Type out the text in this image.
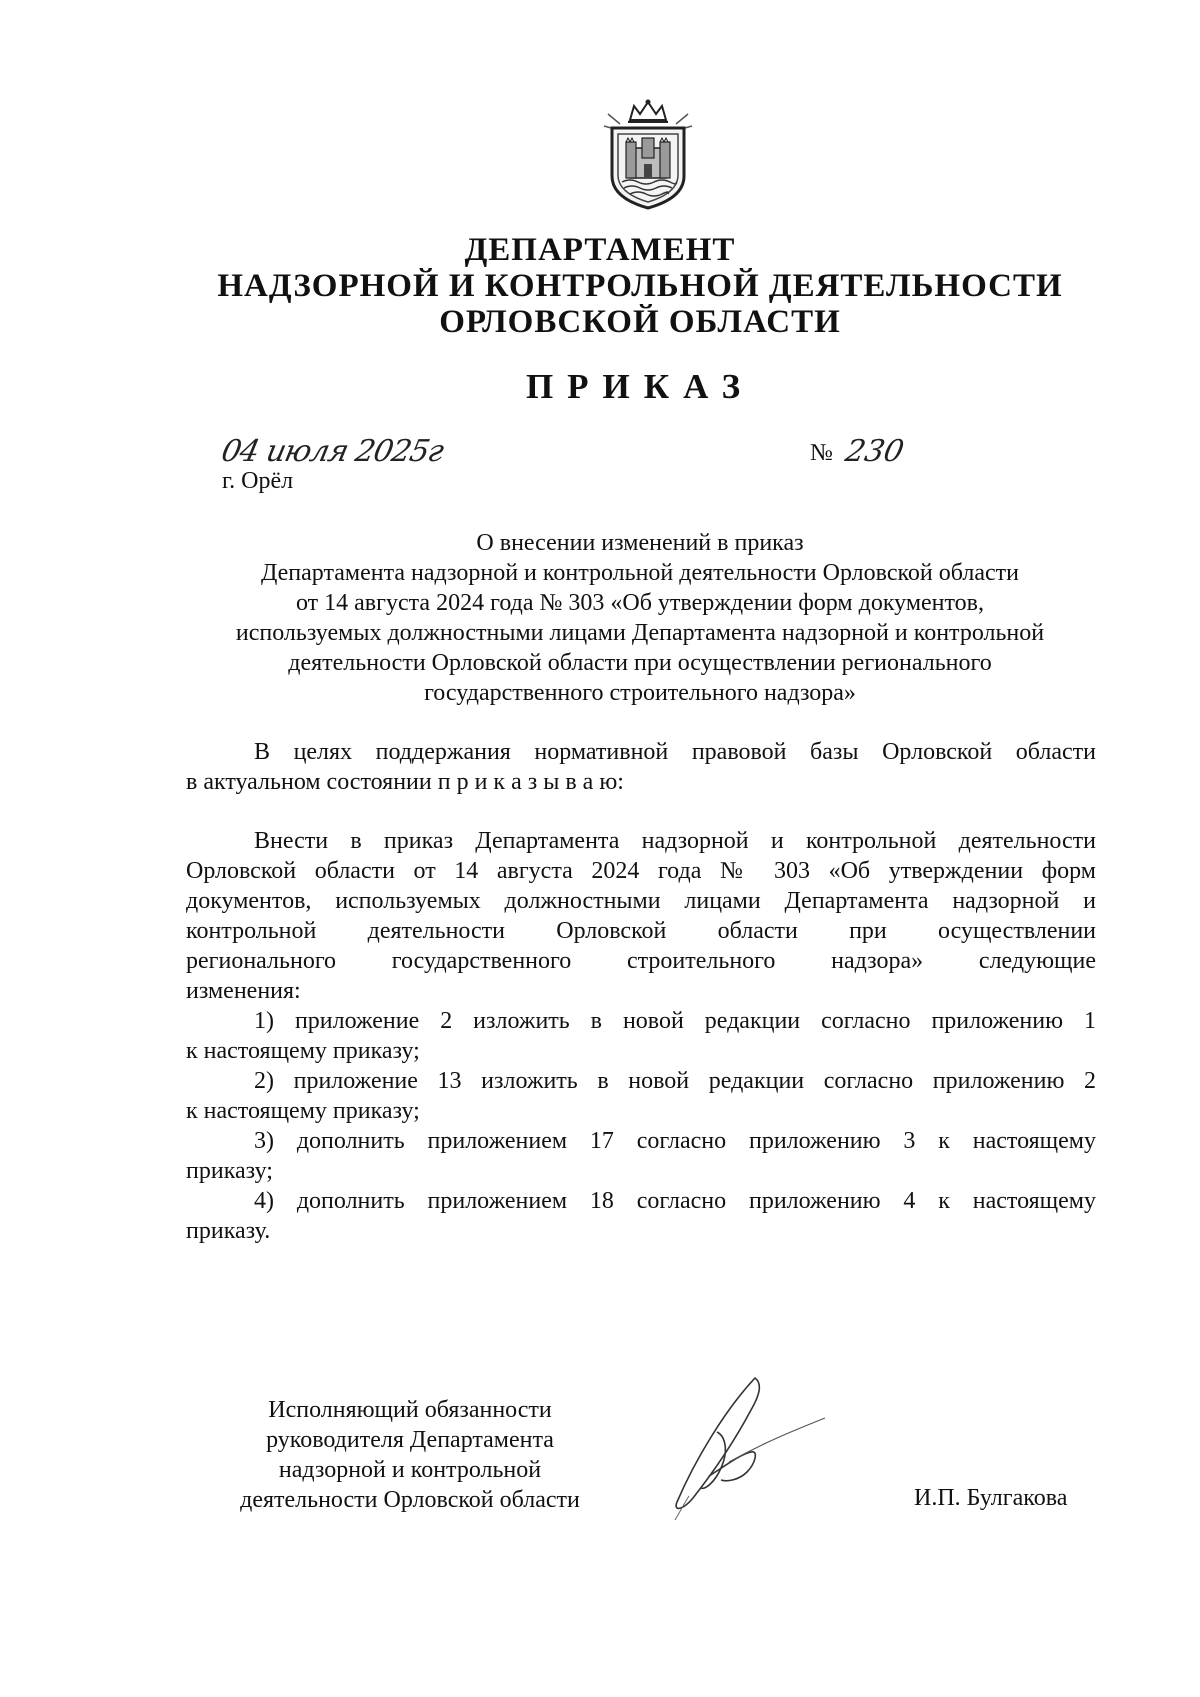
ДЕПАРТАМЕНТ
НАДЗОРНОЙ И КОНТРОЛЬНОЙ ДЕЯТЕЛЬНОСТИ
ОРЛОВСКОЙ ОБЛАСТИ
ПРИКАЗ
04 июля 2025г	№ 230
г. Орёл
О внесении изменений в приказ
Департамента надзорной и контрольной деятельности Орловской области
от 14 августа 2024 года № 303 «Об утверждении форм документов,
используемых должностными лицами Департамента надзорной и контрольной
деятельности Орловской области при осуществлении регионального
государственного строительного надзора»
В целях поддержания нормативной правовой базы Орловской области
в актуальном состоянии п р и к а з ы в а ю:
Внести в приказ Департамента надзорной и контрольной деятельности
Орловской области от 14 августа 2024 года № 303 «Об утверждении форм
документов, используемых должностными лицами Департамента надзорной и
контрольной деятельности Орловской области при осуществлении
регионального государственного строительного надзора» следующие
изменения:
1) приложение 2 изложить в новой редакции согласно приложению 1
к настоящему приказу;
2) приложение 13 изложить в новой редакции согласно приложению 2
к настоящему приказу;
3) дополнить приложением 17 согласно приложению 3 к настоящему
приказу;
4) дополнить приложением 18 согласно приложению 4 к настоящему
приказу.
Исполняющий обязанности
руководителя Департамента
надзорной и контрольной
деятельности Орловской области	И.П. Булгакова
